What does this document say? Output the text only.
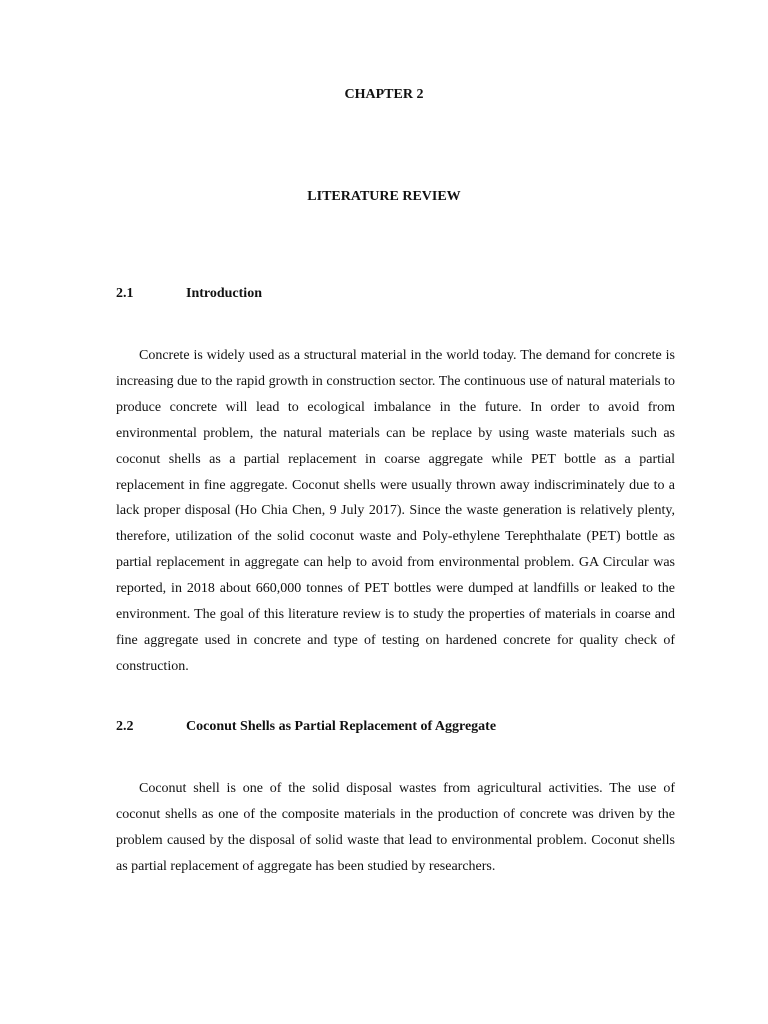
CHAPTER 2
LITERATURE REVIEW
2.1	Introduction

Concrete is widely used as a structural material in the world today. The demand for concrete is increasing due to the rapid growth in construction sector. The continuous use of natural materials to produce concrete will lead to ecological imbalance in the future. In order to avoid from environmental problem, the natural materials can be replace by using waste materials such as coconut shells as a partial replacement in coarse aggregate while PET bottle as a partial replacement in fine aggregate. Coconut shells were usually thrown away indiscriminately due to a lack proper disposal (Ho Chia Chen, 9 July 2017). Since the waste generation is relatively plenty, therefore, utilization of the solid coconut waste and Poly-ethylene Terephthalate (PET) bottle as partial replacement in aggregate can help to avoid from environmental problem. GA Circular was reported, in 2018 about 660,000 tonnes of PET bottles were dumped at landfills or leaked to the environment. The goal of this literature review is to study the properties of materials in coarse and fine aggregate used in concrete and type of testing on hardened concrete for quality check of construction.

2.2	Coconut Shells as Partial Replacement of Aggregate

Coconut shell is one of the solid disposal wastes from agricultural activities. The use of coconut shells as one of the composite materials in the production of concrete was driven by the problem caused by the disposal of solid waste that lead to environmental problem. Coconut shells as partial replacement of aggregate has been studied by researchers.
